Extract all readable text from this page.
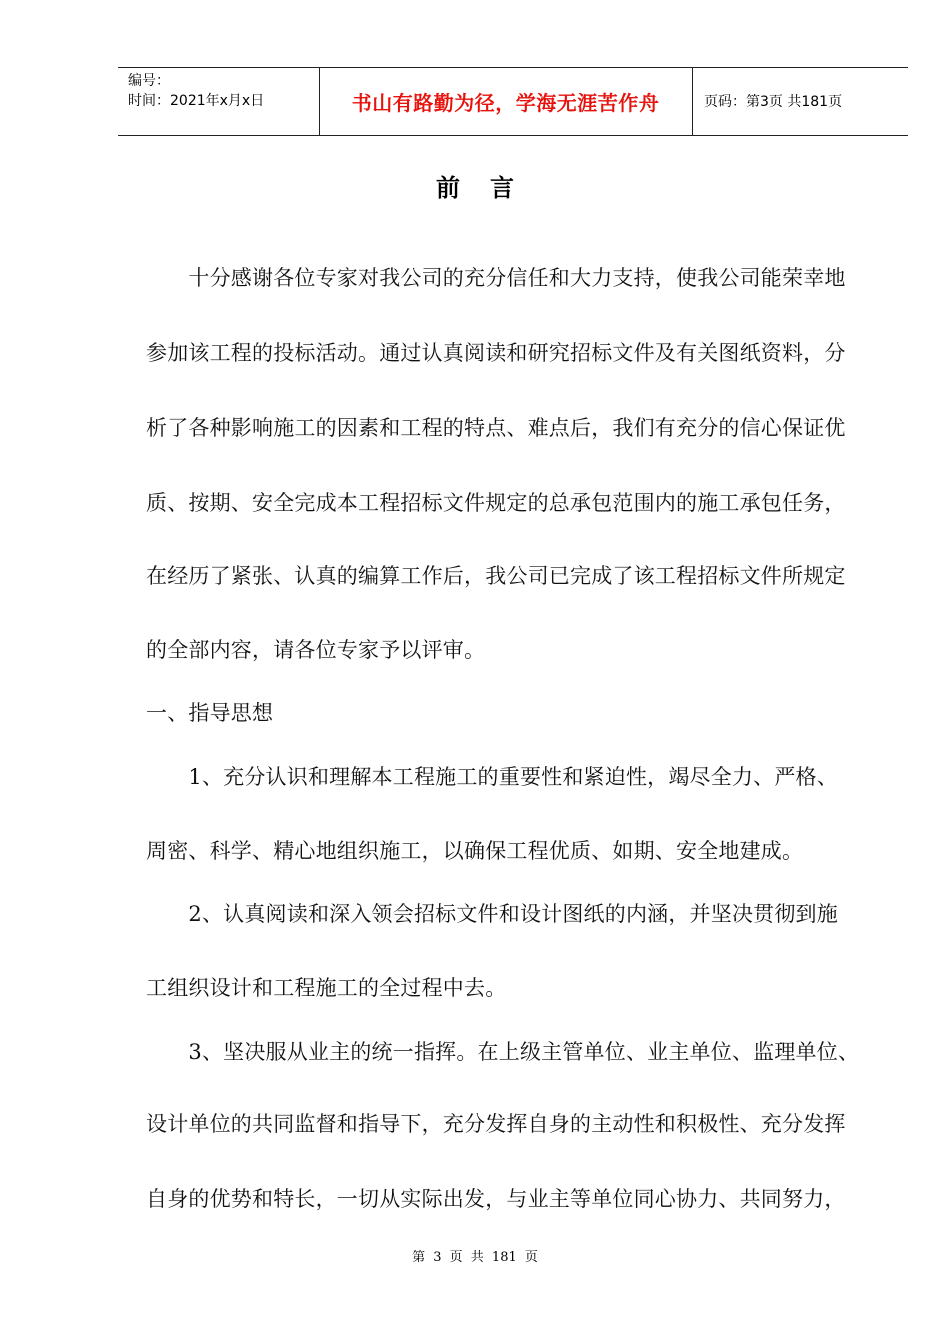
编号：
时间：2021年x月x日	书山有路勤为径，学海无涯苦作舟	页码：第3页 共181页
前言
　　十分感谢各位专家对我公司的充分信任和大力支持，使我公司能荣幸地
参加该工程的投标活动。通过认真阅读和研究招标文件及有关图纸资料，分
析了各种影响施工的因素和工程的特点、难点后，我们有充分的信心保证优
质、按期、安全完成本工程招标文件规定的总承包范围内的施工承包任务，
在经历了紧张、认真的编算工作后，我公司已完成了该工程招标文件所规定
的全部内容，请各位专家予以评审。
一、指导思想
　　1、充分认识和理解本工程施工的重要性和紧迫性，竭尽全力、严格、
周密、科学、精心地组织施工，以确保工程优质、如期、安全地建成。
　　2、认真阅读和深入领会招标文件和设计图纸的内涵，并坚决贯彻到施
工组织设计和工程施工的全过程中去。
　　3、坚决服从业主的统一指挥。在上级主管单位、业主单位、监理单位、
设计单位的共同监督和指导下，充分发挥自身的主动性和积极性、充分发挥
自身的优势和特长，一切从实际出发，与业主等单位同心协力、共同努力，
第 3 页 共 181 页
